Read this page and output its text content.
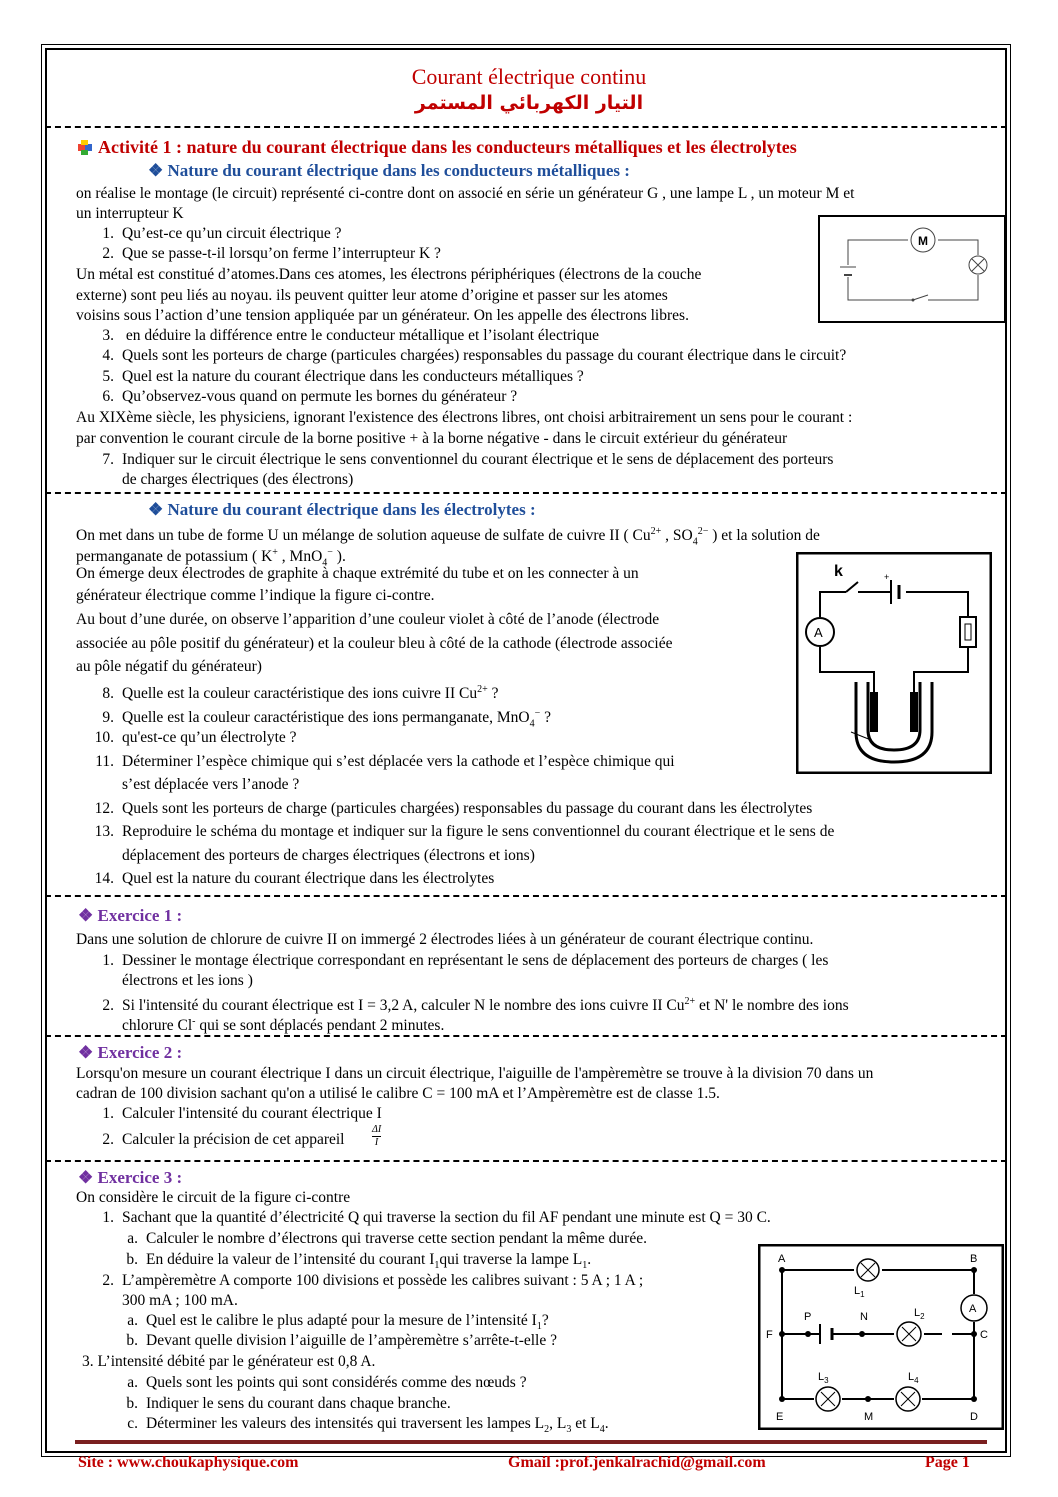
Courant électrique continu
التيار الكهربائي المستمر
Activité 1 : nature du courant électrique dans les conducteurs métalliques et les électrolytes
❖ Nature du courant électrique dans les conducteurs métalliques :
on réalise le montage (le circuit) représenté ci-contre dont on associé en série un générateur G , une lampe L , un moteur M et
un interrupteur K
1. Qu’est-ce qu’un circuit électrique ?
2. Que se passe-t-il lorsqu’on ferme l’interrupteur K ?
Un métal est constitué d’atomes.Dans ces atomes, les électrons périphériques (électrons de la couche
externe) sont peu liés au noyau. ils peuvent quitter leur atome d’origine et passer sur les atomes
voisins sous l’action d’une tension appliquée par un générateur. On les appelle des électrons libres.
3. en déduire la différence entre le conducteur métallique et l’isolant électrique
4. Quels sont les porteurs de charge (particules chargées) responsables du passage du courant électrique dans le circuit?
5. Quel est la nature du courant électrique dans les conducteurs métalliques ?
6. Qu’observez-vous quand on permute les bornes du générateur ?
Au XIXème siècle, les physiciens, ignorant l'existence des électrons libres, ont choisi arbitrairement un sens pour le courant :
par convention le courant circule de la borne positive + à la borne négative - dans le circuit extérieur du générateur
7. Indiquer sur le circuit électrique le sens conventionnel du courant électrique et le sens de déplacement des porteurs
de charges électriques (des électrons)
M
❖ Nature du courant électrique dans les électrolytes :
On met dans un tube de forme U un mélange de solution aqueuse de sulfate de cuivre II ( $Cu^{2+}$ , $SO_4^{2-}$ ) et la solution de
permanganate de potassium ( K+ , MnO$_4$− ).
On émerge deux électrodes de graphite à chaque extrémité du tube et on les connecter à un
générateur électrique comme l’indique la figure ci-contre.
Au bout d’une durée, on observe l’apparition d’une couleur violet à côté de l’anode (électrode
associée au pôle positif du générateur) et la couleur bleu à côté de la cathode (électrode associée
au pôle négatif du générateur)
8. Quelle est la couleur caractéristique des ions cuivre II $Cu^{2+}$ ?
9. Quelle est la couleur caractéristique des ions permanganate, MnO$_4$− ?
10. qu'est-ce qu’un électrolyte ?
11. Déterminer l’espèce chimique qui s’est déplacée vers la cathode et l’espèce chimique qui
s’est déplacée vers l’anode ?
12. Quels sont les porteurs de charge (particules chargées) responsables du passage du courant dans les électrolytes
13. Reproduire le schéma du montage et indiquer sur la figure le sens conventionnel du courant électrique et le sens de
déplacement des porteurs de charges électriques (électrons et ions)
14. Quel est la nature du courant électrique dans les électrolytes
k	+
A
❖ Exercice 1 :
Dans une solution de chlorure de cuivre II on immergé 2 électrodes liées à un générateur de courant électrique continu.
1. Dessiner le montage électrique correspondant en représentant le sens de déplacement des porteurs de charges ( les
électrons et les ions )
2. Si l'intensité du courant électrique est I = 3,2 A, calculer N le nombre des ions cuivre II $Cu^{2+}$ et N' le nombre des ions
chlorure Cl- qui se sont déplacés pendant 2 minutes.
❖ Exercice 2 :
Lorsqu'on mesure un courant électrique I dans un circuit électrique, l'aiguille de l'ampèremètre se trouve à la division 70 dans un
cadran de 100 division sachant qu'on a utilisé le calibre C = 100 mA et l’Ampèremètre est de classe 1.5.
1. Calculer l'intensité du courant électrique I
2. Calculer la précision de cet appareil
ΔI
I
❖ Exercice 3 :
On considère le circuit de la figure ci-contre
1. Sachant que la quantité d’électricité Q qui traverse la section du fil AF pendant une minute est Q = 30 C.
a. Calculer le nombre d’électrons qui traverse cette section pendant la même durée.
b. En déduire la valeur de l’intensité du courant $I_1qui$ traverse la lampe $L_1$.
2. L’ampèremètre A comporte 100 divisions et possède les calibres suivant : 5 A ; 1 A ;
300 mA ; 100 mA.
a. Quel est le calibre le plus adapté pour la mesure de l’intensité $I_1$?
b. Devant quelle division l’aiguille de l’ampèremètre s’arrête-t-elle ?
3. L’intensité débité par le générateur est 0,8 A.
a. Quels sont les points qui sont considérés comme des nœuds ?
b. Indiquer le sens du courant dans chaque branche.
c. Déterminer les valeurs des intensités qui traversent les lampes $L_2$, $L_3$ et $L_4$.
A	B
$L_1$
A
P	N	$L_2$
F	C
$L_3$	$L_4$
E	M	D
Site : www.choukaphysique.com	Gmail :prof.jenkalrachid@gmail.com	Page 1
